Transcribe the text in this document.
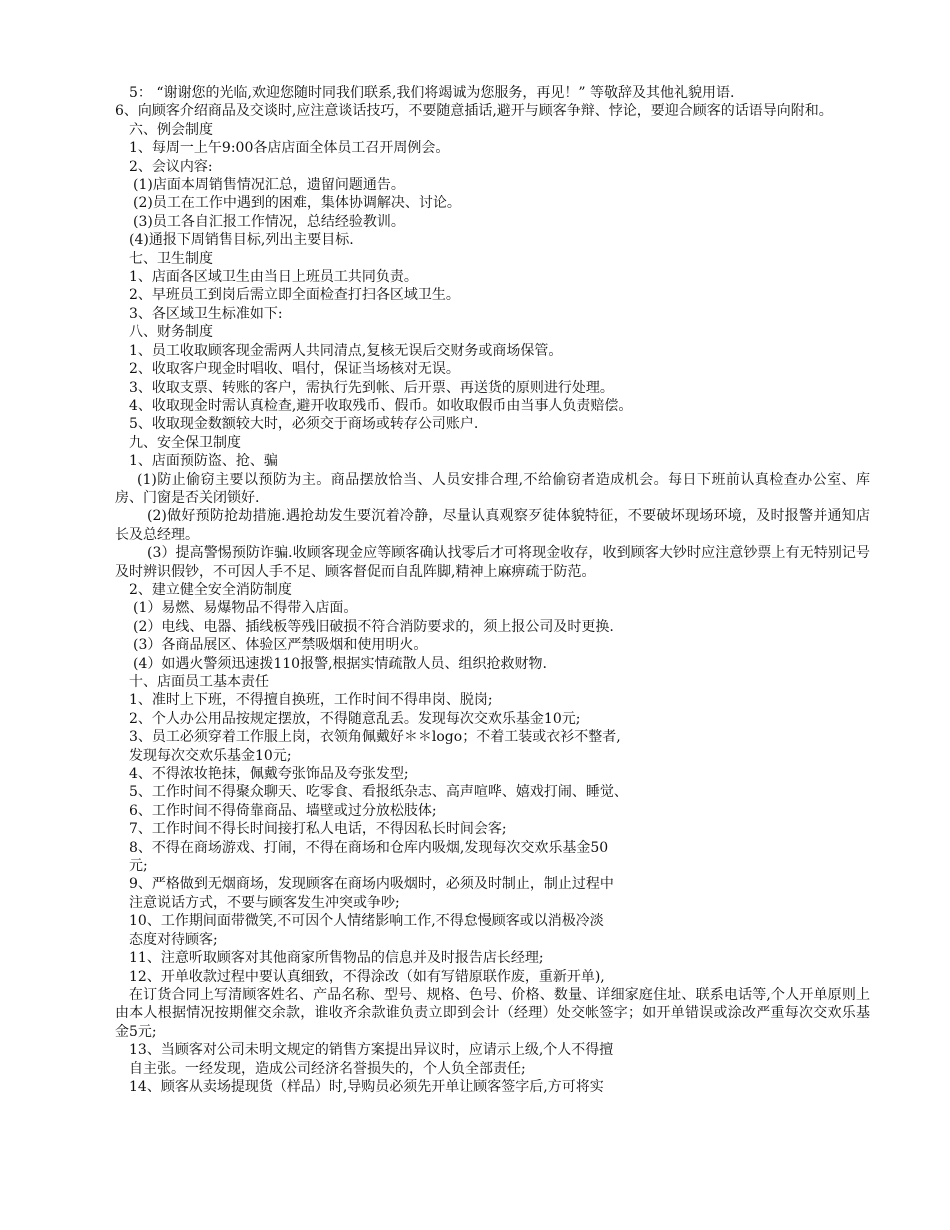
5： “谢谢您的光临,欢迎您随时同我们联系,我们将竭诚为您服务，再见！” 等敬辞及其他礼貌用语.

6、向顾客介绍商品及交谈时,应注意谈话技巧，不要随意插话,避开与顾客争辩、悖论，要迎合顾客的话语导向附和。

六、例会制度

1、每周一上午9:00各店店面全体员工召开周例会。

2、会议内容:

(1)店面本周销售情况汇总，遗留问题通告。

(2)员工在工作中遇到的困难，集体协调解决、讨论。

(3)员工各自汇报工作情况，总结经验教训。

(4)通报下周销售目标,列出主要目标.

七、卫生制度

1、店面各区域卫生由当日上班员工共同负责。

2、早班员工到岗后需立即全面检查打扫各区域卫生。

3、各区域卫生标准如下:

八、财务制度

1、员工收取顾客现金需两人共同清点,复核无误后交财务或商场保管。

2、收取客户现金时唱收、唱付，保证当场核对无误。

3、收取支票、转账的客户，需执行先到帐、后开票、再送货的原则进行处理。

4、收取现金时需认真检查,避开收取残币、假币。如收取假币由当事人负责赔偿。

5、收取现金数额较大时，必须交于商场或转存公司账户.

九、安全保卫制度

1、店面预防盗、抢、骗

(1)防止偷窃主要以预防为主。商品摆放恰当、人员安排合理,不给偷窃者造成机会。每日下班前认真检查办公室、库房、门窗是否关闭锁好.

(2)做好预防抢劫措施.遇抢劫发生要沉着冷静，尽量认真观察歹徒体貌特征，不要破坏现场环境，及时报警并通知店长及总经理。

(3）提高警惕预防诈骗.收顾客现金应等顾客确认找零后才可将现金收存，收到顾客大钞时应注意钞票上有无特别记号及时辨识假钞，不可因人手不足、顾客督促而自乱阵脚,精神上麻痹疏于防范。

2、建立健全安全消防制度

(1）易燃、易爆物品不得带入店面。

(2）电线、电器、插线板等残旧破损不符合消防要求的，须上报公司及时更换.

(3）各商品展区、体验区严禁吸烟和使用明火。

(4）如遇火警须迅速拨110报警,根据实情疏散人员、组织抢救财物.

十、店面员工基本责任

1、准时上下班，不得擅自换班，工作时间不得串岗、脱岗;

2、个人办公用品按规定摆放，不得随意乱丢。发现每次交欢乐基金10元;

3、员工必须穿着工作服上岗，衣领角佩戴好＊＊logo；不着工装或衣衫不整者,

发现每次交欢乐基金10元;

4、不得浓妆艳抹，佩戴夸张饰品及夸张发型;

5、工作时间不得聚众聊天、吃零食、看报纸杂志、高声喧哗、嬉戏打闹、睡觉、

6、工作时间不得倚靠商品、墙壁或过分放松肢体;

7、工作时间不得长时间接打私人电话，不得因私长时间会客;

8、不得在商场游戏、打闹，不得在商场和仓库内吸烟,发现每次交欢乐基金50

元;

9、严格做到无烟商场，发现顾客在商场内吸烟时，必须及时制止，制止过程中

注意说话方式，不要与顾客发生冲突或争吵;

10、工作期间面带微笑,不可因个人情绪影响工作,不得怠慢顾客或以消极冷淡

态度对待顾客;

11、注意听取顾客对其他商家所售物品的信息并及时报告店长经理;

12、开单收款过程中要认真细致，不得涂改（如有写错原联作废，重新开单),

在订货合同上写清顾客姓名、产品名称、型号、规格、色号、价格、数量、详细家庭住址、联系电话等,个人开单原则上由本人根据情况按期催交余款，谁收齐余款谁负责立即到会计（经理）处交帐签字；如开单错误或涂改严重每次交欢乐基金5元;

13、当顾客对公司未明文规定的销售方案提出异议时，应请示上级,个人不得擅

自主张。一经发现，造成公司经济名誉损失的，个人负全部责任;

14、顾客从卖场提现货（样品）时,导购员必须先开单让顾客签字后,方可将实
